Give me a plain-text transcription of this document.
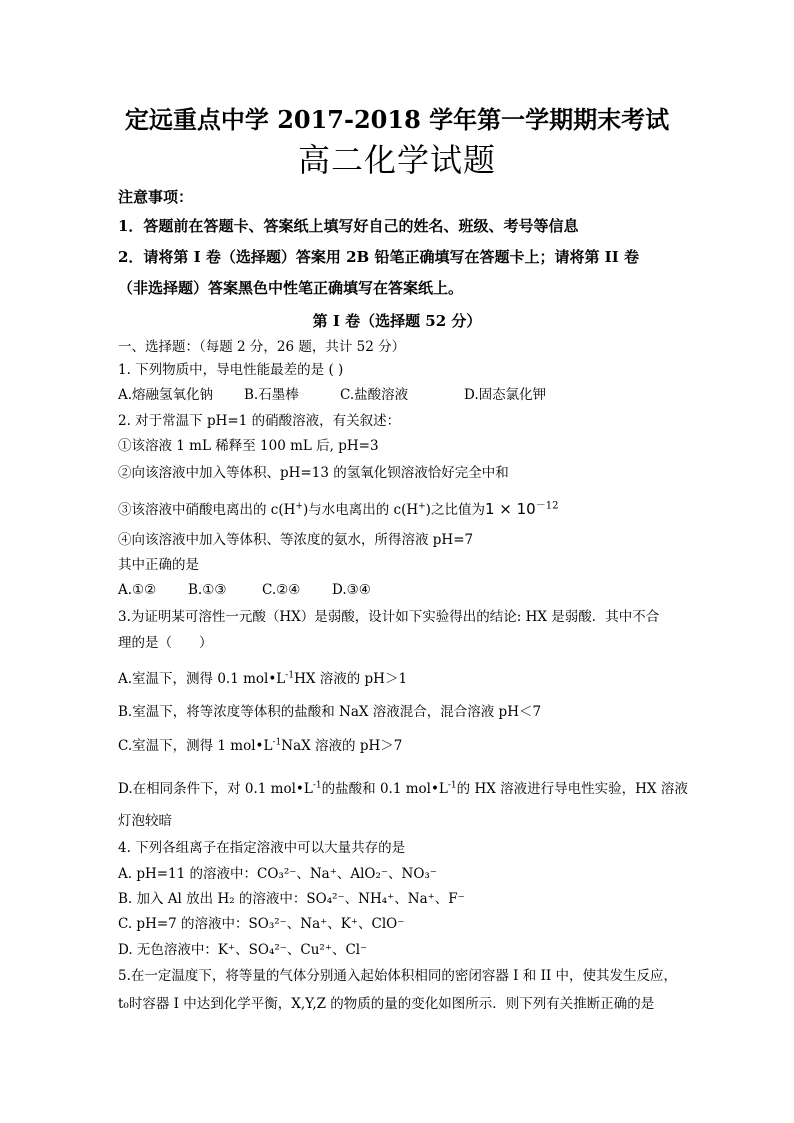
定远重点中学 2017-2018 学年第一学期期末考试
高二化学试题
注意事项：
1．答题前在答题卡、答案纸上填写好自己的姓名、班级、考号等信息
2．请将第 I 卷（选择题）答案用 2B 铅笔正确填写在答题卡上；请将第 II 卷
（非选择题）答案黑色中性笔正确填写在答案纸上。
第 I 卷（选择题 52 分）
一、选择题：（每题 2 分，26 题，共计 52 分）
1. 下列物质中，导电性能最差的是 ( )
A.熔融氢氧化钠 B.石墨棒	C.盐酸溶液	D.固态氯化钾
2. 对于常温下 pH=1 的硝酸溶液，有关叙述：
①该溶液 1 mL 稀释至 100 mL 后, pH=3
②向该溶液中加入等体积、pH=13 的氢氧化钡溶液恰好完全中和
③该溶液中硝酸电离出的 c(H+)与水电离出的 c(H+)之比值为$1 \times 10^{-12}$
④向该溶液中加入等体积、等浓度的氨水，所得溶液 pH=7
其中正确的是
A.①② B.①③	C.②④ D.③④
3.为证明某可溶性一元酸（HX）是弱酸，设计如下实验得出的结论: HX 是弱酸．其中不合
理的是（　　）
A.室温下，测得 0.1 $mol•L^{-1}HX$ 溶液的 pH＞1
B.室温下，将等浓度等体积的盐酸和 NaX 溶液混合，混合溶液 pH＜7
C.室温下，测得 1 $mol•L^{-1}NaX$ 溶液的 pH＞7
D.在相同条件下，对 0.1 $mol•L^{-1}$的盐酸和 0.1 $mol•L^{-1}$的 HX 溶液进行导电性实验，HX 溶液
灯泡较暗
4. 下列各组离子在指定溶液中可以大量共存的是
A. pH=11 的溶液中：CO₃²⁻、Na⁺、AlO₂⁻、NO₃⁻
B. 加入 Al 放出 H₂ 的溶液中：SO₄²⁻、NH₄⁺、Na⁺、F⁻
C. pH=7 的溶液中：SO₃²⁻、Na⁺、K⁺、ClO⁻
D. 无色溶液中：K⁺、SO₄²⁻、Cu²⁺、Cl⁻
5.在一定温度下，将等量的气体分别通入起始体积相同的密闭容器 I 和 II 中，使其发生反应，
t₀时容器 I 中达到化学平衡，X,Y,Z 的物质的量的变化如图所示．则下列有关推断正确的是
